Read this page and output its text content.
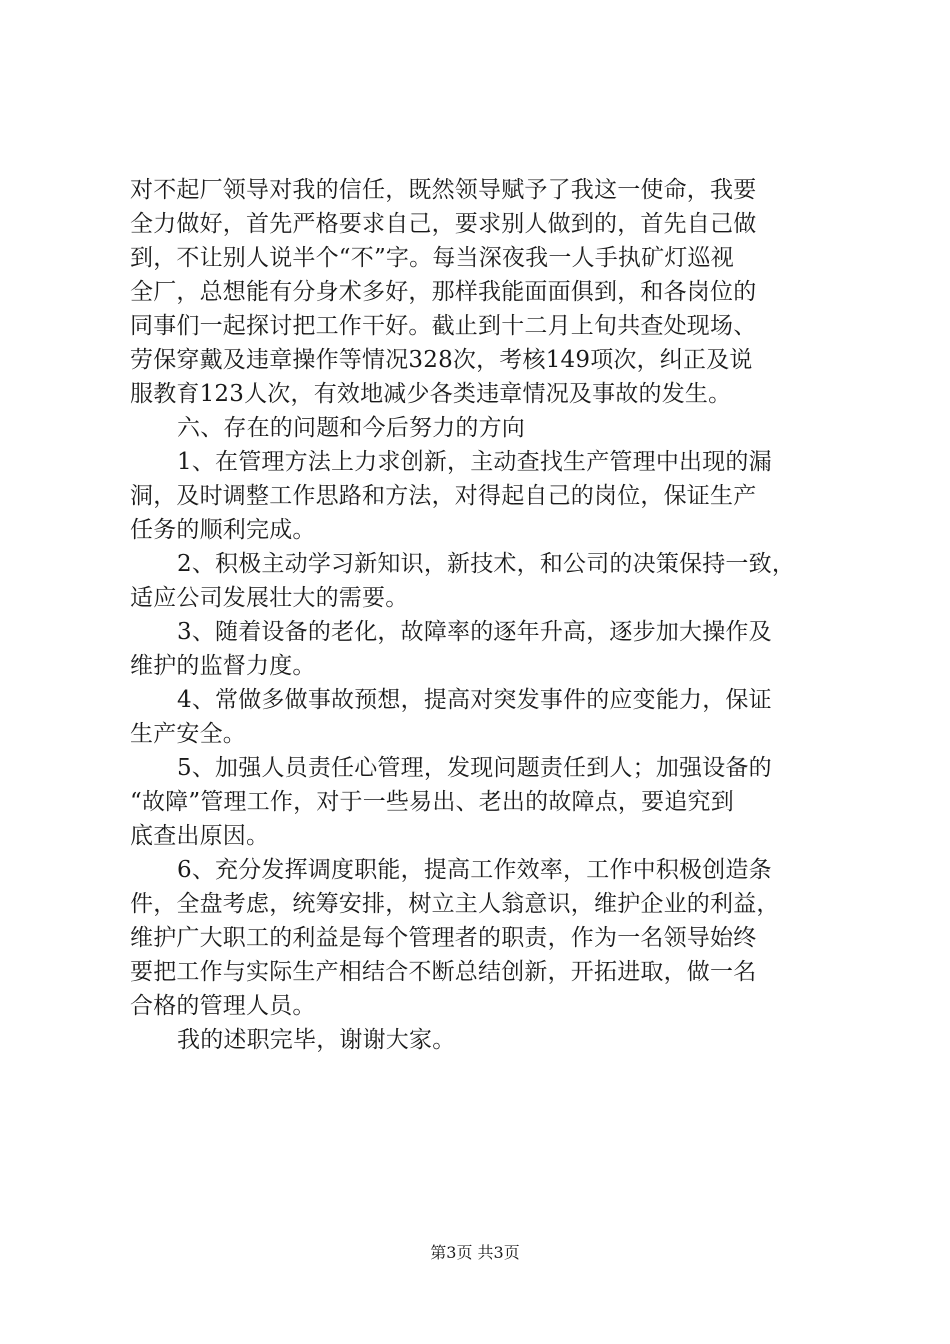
对不起厂领导对我的信任，既然领导赋予了我这一使命，我要
全力做好，首先严格要求自己，要求别人做到的，首先自己做
到，不让别人说半个“不”字。每当深夜我一人手执矿灯巡视
全厂，总想能有分身术多好，那样我能面面俱到，和各岗位的
同事们一起探讨把工作干好。截止到十二月上旬共查处现场、
劳保穿戴及违章操作等情况328次，考核149项次，纠正及说
服教育123人次，有效地减少各类违章情况及事故的发生。
六、存在的问题和今后努力的方向
1、在管理方法上力求创新，主动查找生产管理中出现的漏
洞，及时调整工作思路和方法，对得起自己的岗位，保证生产
任务的顺利完成。
2、积极主动学习新知识，新技术，和公司的决策保持一致，
适应公司发展壮大的需要。
3、随着设备的老化，故障率的逐年升高，逐步加大操作及
维护的监督力度。
4、常做多做事故预想，提高对突发事件的应变能力，保证
生产安全。
5、加强人员责任心管理，发现问题责任到人；加强设备的
“故障”管理工作，对于一些易出、老出的故障点，要追究到
底查出原因。
6、充分发挥调度职能，提高工作效率，工作中积极创造条
件，全盘考虑，统筹安排，树立主人翁意识，维护企业的利益，
维护广大职工的利益是每个管理者的职责，作为一名领导始终
要把工作与实际生产相结合不断总结创新，开拓进取，做一名
合格的管理人员。
我的述职完毕，谢谢大家。
第3页 共3页
